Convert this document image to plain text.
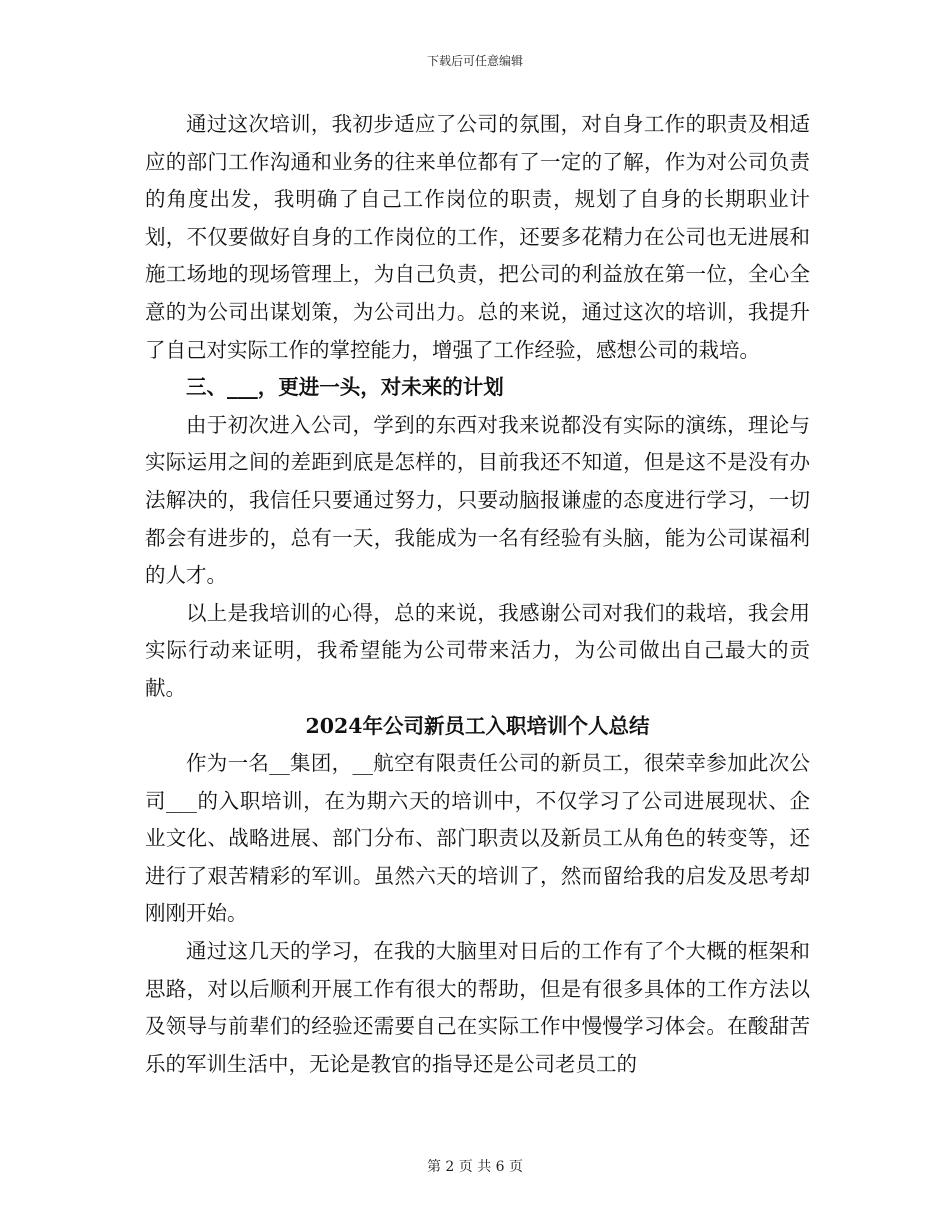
下载后可任意编辑

通过这次培训，我初步适应了公司的氛围，对自身工作的职责及相适应的部门工作沟通和业务的往来单位都有了一定的了解，作为对公司负责的角度出发，我明确了自己工作岗位的职责，规划了自身的长期职业计划，不仅要做好自身的工作岗位的工作，还要多花精力在公司也无进展和施工场地的现场管理上，为自己负责，把公司的利益放在第一位，全心全意的为公司出谋划策，为公司出力。总的来说，通过这次的培训，我提升了自己对实际工作的掌控能力，增强了工作经验，感想公司的栽培。

三、___，更进一头，对未来的计划

由于初次进入公司，学到的东西对我来说都没有实际的演练，理论与实际运用之间的差距到底是怎样的，目前我还不知道，但是这不是没有办法解决的，我信任只要通过努力，只要动脑报谦虚的态度进行学习，一切都会有进步的，总有一天，我能成为一名有经验有头脑，能为公司谋福利的人才。

以上是我培训的心得，总的来说，我感谢公司对我们的栽培，我会用实际行动来证明，我希望能为公司带来活力，为公司做出自己最大的贡献。

2024年公司新员工入职培训个人总结

作为一名__集团，__航空有限责任公司的新员工，很荣幸参加此次公司___的入职培训，在为期六天的培训中，不仅学习了公司进展现状、企业文化、战略进展、部门分布、部门职责以及新员工从角色的转变等，还进行了艰苦精彩的军训。虽然六天的培训了，然而留给我的启发及思考却刚刚开始。

通过这几天的学习，在我的大脑里对日后的工作有了个大概的框架和思路，对以后顺利开展工作有很大的帮助，但是有很多具体的工作方法以及领导与前辈们的经验还需要自己在实际工作中慢慢学习体会。在酸甜苦乐的军训生活中，无论是教官的指导还是公司老员工的

第 2 页 共 6 页
